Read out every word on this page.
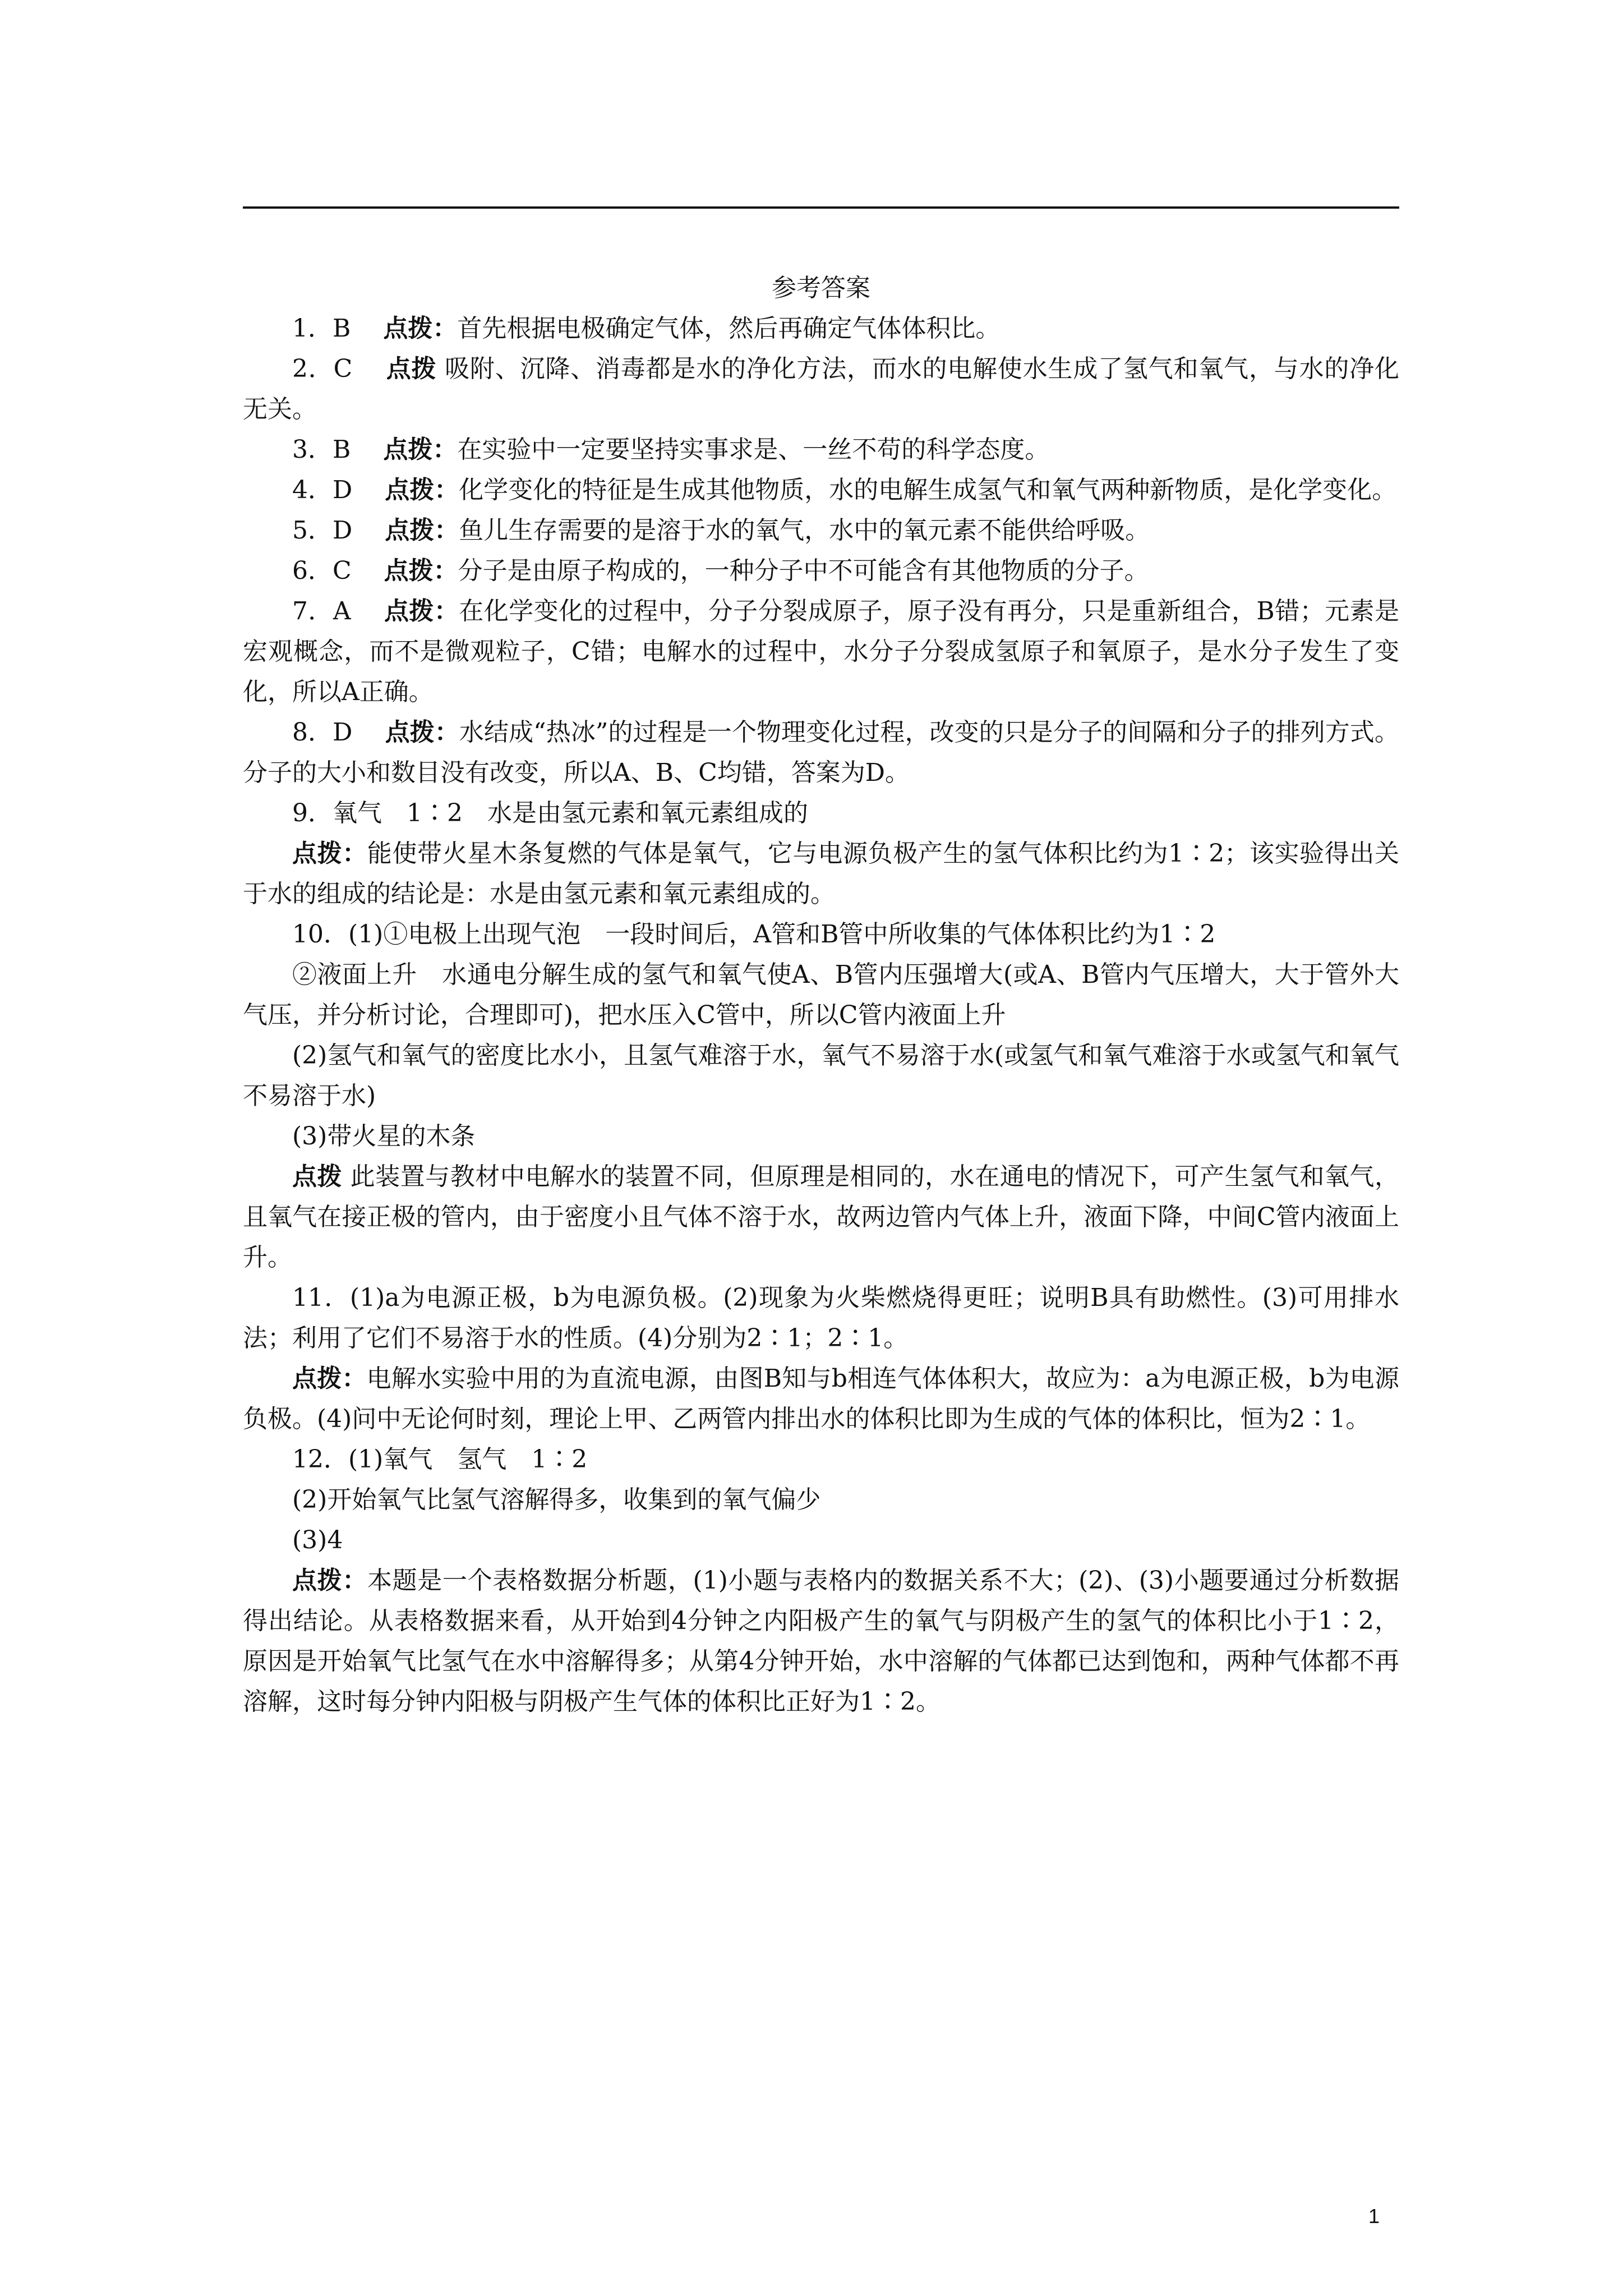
参考答案

1．B　 点拨：首先根据电极确定气体，然后再确定气体体积比。

2．C　 点拨 吸附、沉降、消毒都是水的净化方法，而水的电解使水生成了氢气和氧气，与水的净化无关。

3．B　 点拨：在实验中一定要坚持实事求是、一丝不苟的科学态度。

4．D　 点拨：化学变化的特征是生成其他物质，水的电解生成氢气和氧气两种新物质，是化学变化。

5．D　 点拨：鱼儿生存需要的是溶于水的氧气，水中的氧元素不能供给呼吸。

6．C　 点拨：分子是由原子构成的，一种分子中不可能含有其他物质的分子。

7．A　 点拨：在化学变化的过程中，分子分裂成原子，原子没有再分，只是重新组合，B错；元素是宏观概念，而不是微观粒子，C错；电解水的过程中，水分子分裂成氢原子和氧原子，是水分子发生了变化，所以A正确。

8．D　 点拨：水结成“热冰”的过程是一个物理变化过程，改变的只是分子的间隔和分子的排列方式。分子的大小和数目没有改变，所以A、B、C均错，答案为D。

9．氧气　1∶2　水是由氢元素和氧元素组成的

点拨：能使带火星木条复燃的气体是氧气，它与电源负极产生的氢气体积比约为1∶2；该实验得出关于水的组成的结论是：水是由氢元素和氧元素组成的。

10．(1)①电极上出现气泡　一段时间后，A管和B管中所收集的气体体积比约为1∶2

②液面上升　水通电分解生成的氢气和氧气使A、B管内压强增大(或A、B管内气压增大，大于管外大气压，并分析讨论，合理即可)，把水压入C管中，所以C管内液面上升

(2)氢气和氧气的密度比水小，且氢气难溶于水，氧气不易溶于水(或氢气和氧气难溶于水或氢气和氧气不易溶于水)

(3)带火星的木条

点拨 此装置与教材中电解水的装置不同，但原理是相同的，水在通电的情况下，可产生氢气和氧气，且氧气在接正极的管内，由于密度小且气体不溶于水，故两边管内气体上升，液面下降，中间C管内液面上升。

11．(1)a为电源正极，b为电源负极。(2)现象为火柴燃烧得更旺；说明B具有助燃性。(3)可用排水法；利用了它们不易溶于水的性质。(4)分别为2∶1；2∶1。

点拨：电解水实验中用的为直流电源，由图B知与b相连气体体积大，故应为：a为电源正极，b为电源负极。(4)问中无论何时刻，理论上甲、乙两管内排出水的体积比即为生成的气体的体积比，恒为2∶1。

12．(1)氧气　氢气　1∶2

(2)开始氧气比氢气溶解得多，收集到的氧气偏少

(3)4

点拨：本题是一个表格数据分析题，(1)小题与表格内的数据关系不大；(2)、(3)小题要通过分析数据得出结论。从表格数据来看，从开始到4分钟之内阳极产生的氧气与阴极产生的氢气的体积比小于1∶2，原因是开始氧气比氢气在水中溶解得多；从第4分钟开始，水中溶解的气体都已达到饱和，两种气体都不再溶解，这时每分钟内阳极与阴极产生气体的体积比正好为1∶2。

1
